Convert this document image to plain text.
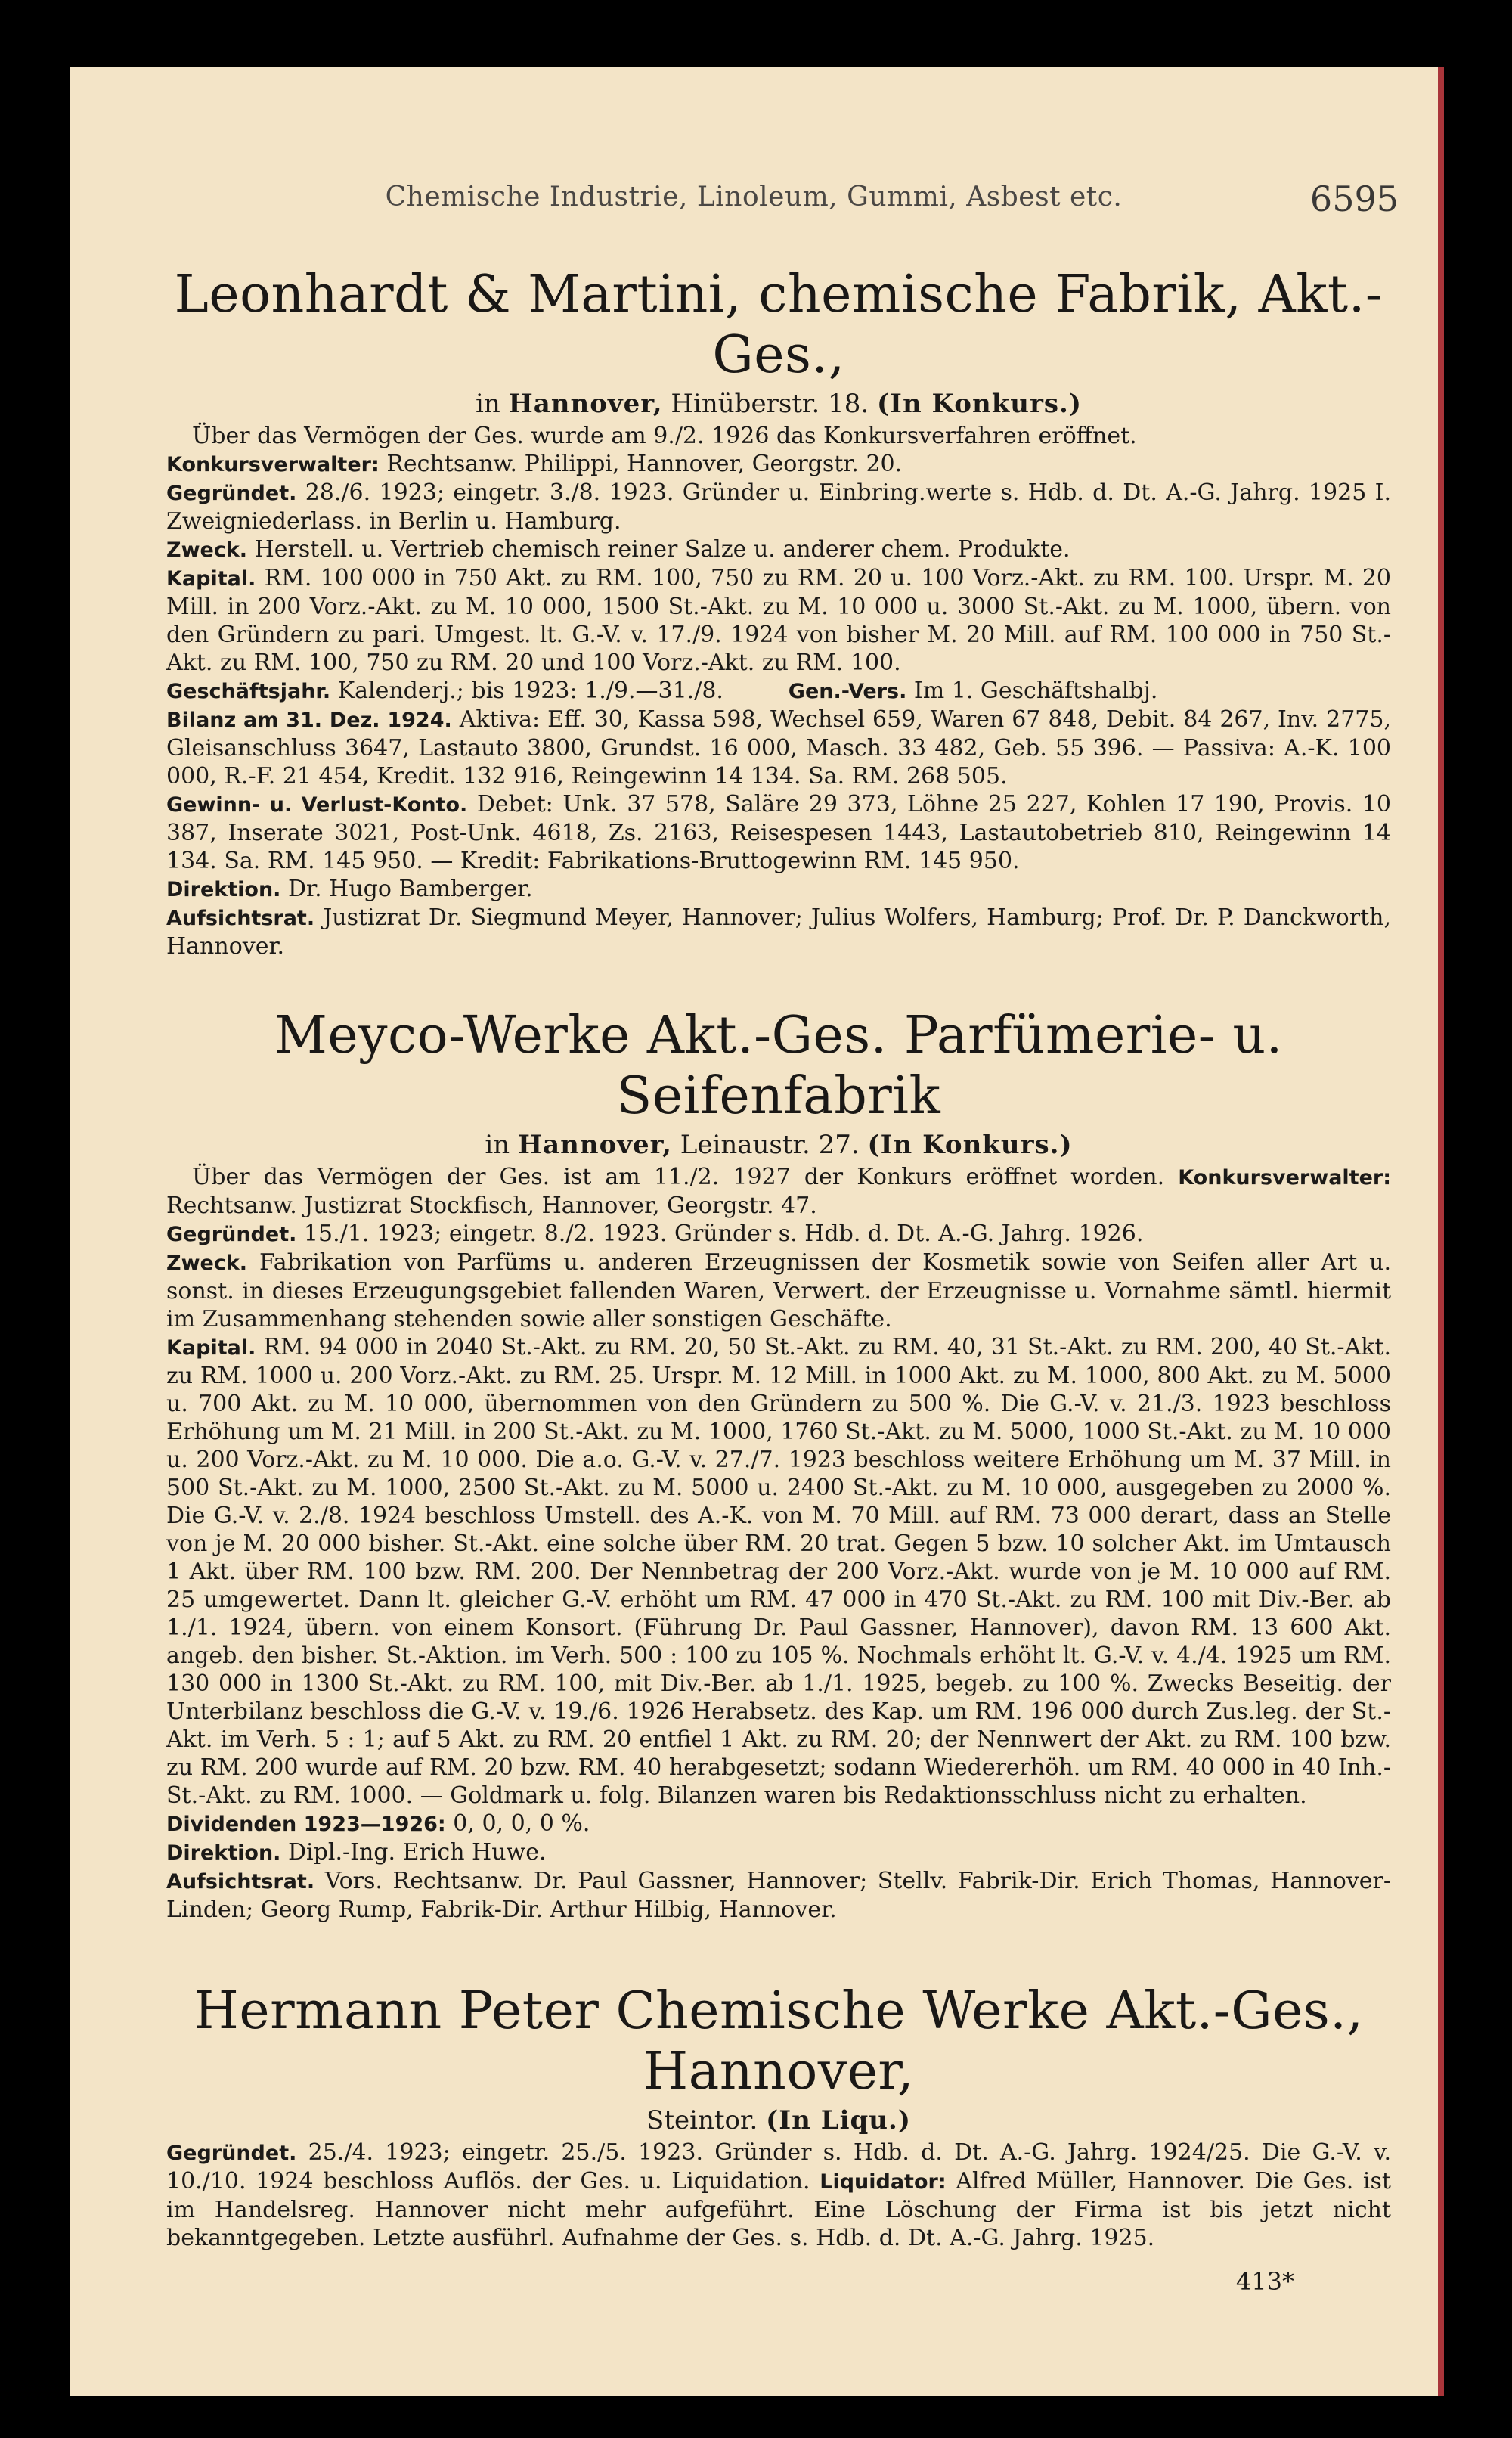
Chemische Industrie, Linoleum, Gummi, Asbest etc.	6595
Leonhardt & Martini, chemische Fabrik, Akt.-Ges.,
in Hannover, Hinüberstr. 18. (In Konkurs.)

Über das Vermögen der Ges. wurde am 9./2. 1926 das Konkursverfahren eröffnet.

Konkursverwalter: Rechtsanw. Philippi, Hannover, Georgstr. 20.

Gegründet. 28./6. 1923; eingetr. 3./8. 1923. Gründer u. Einbring.werte s. Hdb. d. Dt. A.-G. Jahrg. 1925 I. Zweigniederlass. in Berlin u. Hamburg.

Zweck. Herstell. u. Vertrieb chemisch reiner Salze u. anderer chem. Produkte.

Kapital. RM. 100 000 in 750 Akt. zu RM. 100, 750 zu RM. 20 u. 100 Vorz.-Akt. zu RM. 100. Urspr. M. 20 Mill. in 200 Vorz.-Akt. zu M. 10 000, 1500 St.-Akt. zu M. 10 000 u. 3000 St.-Akt. zu M. 1000, übern. von den Gründern zu pari. Umgest. lt. G.-V. v. 17./9. 1924 von bisher M. 20 Mill. auf RM. 100 000 in 750 St.-Akt. zu RM. 100, 750 zu RM. 20 und 100 Vorz.-Akt. zu RM. 100.

Geschäftsjahr. Kalenderj.; bis 1923: 1./9.—31./8.	Gen.-Vers. Im 1. Geschäftshalbj.

Bilanz am 31. Dez. 1924. Aktiva: Eff. 30, Kassa 598, Wechsel 659, Waren 67 848, Debit. 84 267, Inv. 2775, Gleisanschluss 3647, Lastauto 3800, Grundst. 16 000, Masch. 33 482, Geb. 55 396. — Passiva: A.-K. 100 000, R.-F. 21 454, Kredit. 132 916, Reingewinn 14 134. Sa. RM. 268 505.

Gewinn- u. Verlust-Konto. Debet: Unk. 37 578, Saläre 29 373, Löhne 25 227, Kohlen 17 190, Provis. 10 387, Inserate 3021, Post-Unk. 4618, Zs. 2163, Reisespesen 1443, Lastautobetrieb 810, Reingewinn 14 134. Sa. RM. 145 950. — Kredit: Fabrikations-Bruttogewinn RM. 145 950.

Direktion. Dr. Hugo Bamberger.

Aufsichtsrat. Justizrat Dr. Siegmund Meyer, Hannover; Julius Wolfers, Hamburg; Prof. Dr. P. Danckworth, Hannover.

Meyco-Werke Akt.-Ges. Parfümerie- u. Seifenfabrik
in Hannover, Leinaustr. 27. (In Konkurs.)

Über das Vermögen der Ges. ist am 11./2. 1927 der Konkurs eröffnet worden. Konkursverwalter: Rechtsanw. Justizrat Stockfisch, Hannover, Georgstr. 47.

Gegründet. 15./1. 1923; eingetr. 8./2. 1923. Gründer s. Hdb. d. Dt. A.-G. Jahrg. 1926.

Zweck. Fabrikation von Parfüms u. anderen Erzeugnissen der Kosmetik sowie von Seifen aller Art u. sonst. in dieses Erzeugungsgebiet fallenden Waren, Verwert. der Erzeugnisse u. Vornahme sämtl. hiermit im Zusammenhang stehenden sowie aller sonstigen Geschäfte.

Kapital. RM. 94 000 in 2040 St.-Akt. zu RM. 20, 50 St.-Akt. zu RM. 40, 31 St.-Akt. zu RM. 200, 40 St.-Akt. zu RM. 1000 u. 200 Vorz.-Akt. zu RM. 25. Urspr. M. 12 Mill. in 1000 Akt. zu M. 1000, 800 Akt. zu M. 5000 u. 700 Akt. zu M. 10 000, übernommen von den Gründern zu 500 %. Die G.-V. v. 21./3. 1923 beschloss Erhöhung um M. 21 Mill. in 200 St.-Akt. zu M. 1000, 1760 St.-Akt. zu M. 5000, 1000 St.-Akt. zu M. 10 000 u. 200 Vorz.-Akt. zu M. 10 000. Die a.o. G.-V. v. 27./7. 1923 beschloss weitere Erhöhung um M. 37 Mill. in 500 St.-Akt. zu M. 1000, 2500 St.-Akt. zu M. 5000 u. 2400 St.-Akt. zu M. 10 000, ausgegeben zu 2000 %. Die G.-V. v. 2./8. 1924 beschloss Umstell. des A.-K. von M. 70 Mill. auf RM. 73 000 derart, dass an Stelle von je M. 20 000 bisher. St.-Akt. eine solche über RM. 20 trat. Gegen 5 bzw. 10 solcher Akt. im Umtausch 1 Akt. über RM. 100 bzw. RM. 200. Der Nennbetrag der 200 Vorz.-Akt. wurde von je M. 10 000 auf RM. 25 umgewertet. Dann lt. gleicher G.-V. erhöht um RM. 47 000 in 470 St.-Akt. zu RM. 100 mit Div.-Ber. ab 1./1. 1924, übern. von einem Konsort. (Führung Dr. Paul Gassner, Hannover), davon RM. 13 600 Akt. angeb. den bisher. St.-Aktion. im Verh. 500 : 100 zu 105 %. Nochmals erhöht lt. G.-V. v. 4./4. 1925 um RM. 130 000 in 1300 St.-Akt. zu RM. 100, mit Div.-Ber. ab 1./1. 1925, begeb. zu 100 %. Zwecks Beseitig. der Unterbilanz beschloss die G.-V. v. 19./6. 1926 Herabsetz. des Kap. um RM. 196 000 durch Zus.leg. der St.-Akt. im Verh. 5 : 1; auf 5 Akt. zu RM. 20 entfiel 1 Akt. zu RM. 20; der Nennwert der Akt. zu RM. 100 bzw. zu RM. 200 wurde auf RM. 20 bzw. RM. 40 herabgesetzt; sodann Wiedererhöh. um RM. 40 000 in 40 Inh.-St.-Akt. zu RM. 1000. — Goldmark u. folg. Bilanzen waren bis Redaktionsschluss nicht zu erhalten.

Dividenden 1923—1926: 0, 0, 0, 0 %.

Direktion. Dipl.-Ing. Erich Huwe.

Aufsichtsrat. Vors. Rechtsanw. Dr. Paul Gassner, Hannover; Stellv. Fabrik-Dir. Erich Thomas, Hannover-Linden; Georg Rump, Fabrik-Dir. Arthur Hilbig, Hannover.

Hermann Peter Chemische Werke Akt.-Ges., Hannover,
Steintor. (In Liqu.)

Gegründet. 25./4. 1923; eingetr. 25./5. 1923. Gründer s. Hdb. d. Dt. A.-G. Jahrg. 1924/25. Die G.-V. v. 10./10. 1924 beschloss Auflös. der Ges. u. Liquidation. Liquidator: Alfred Müller, Hannover. Die Ges. ist im Handelsreg. Hannover nicht mehr aufgeführt. Eine Löschung der Firma ist bis jetzt nicht bekanntgegeben. Letzte ausführl. Aufnahme der Ges. s. Hdb. d. Dt. A.-G. Jahrg. 1925.

413*
